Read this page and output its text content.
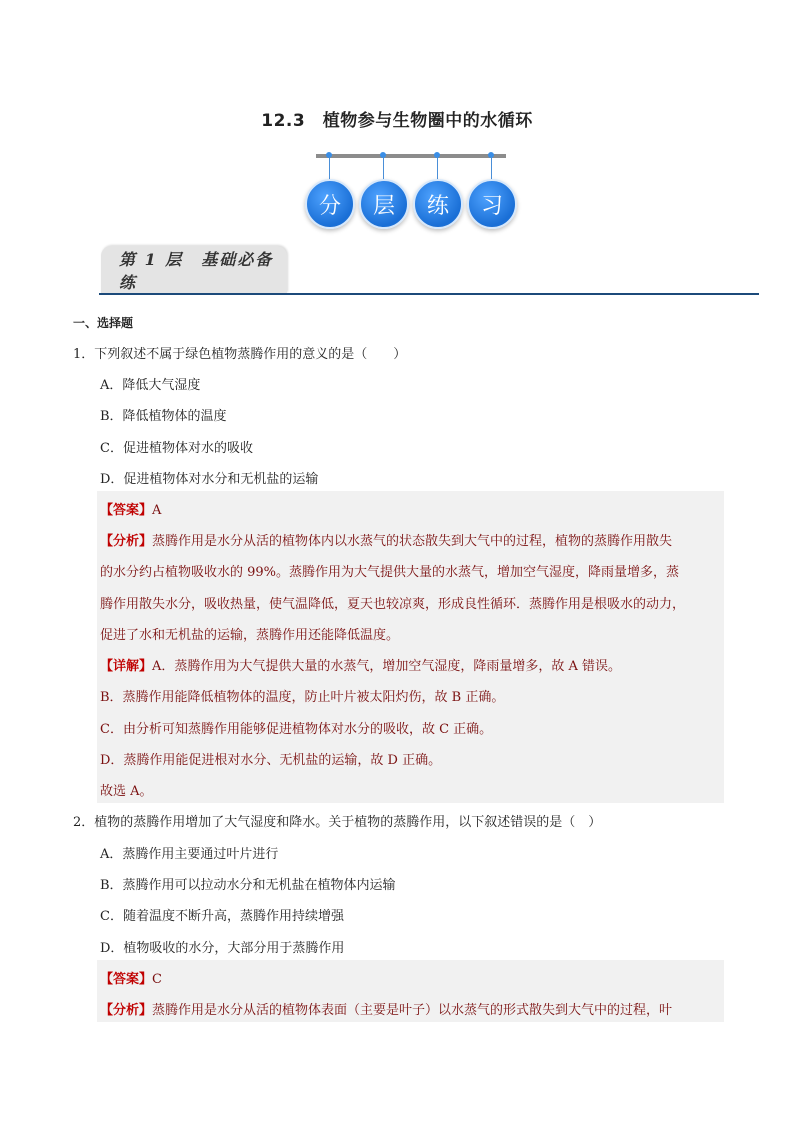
12.3　植物参与生物圈中的水循环
分	层	练	习
第 1 层　基础必备练
一、选择题
1．下列叙述不属于绿色植物蒸腾作用的意义的是（　　）
A．降低大气湿度
B．降低植物体的温度
C．促进植物体对水的吸收
D．促进植物体对水分和无机盐的运输
【答案】A
【分析】蒸腾作用是水分从活的植物体内以水蒸气的状态散失到大气中的过程，植物的蒸腾作用散失
的水分约占植物吸收水的 99%。蒸腾作用为大气提供大量的水蒸气，增加空气湿度，降雨量增多，蒸
腾作用散失水分，吸收热量，使气温降低，夏天也较凉爽，形成良性循环．蒸腾作用是根吸水的动力，
促进了水和无机盐的运输，蒸腾作用还能降低温度。
【详解】A．蒸腾作用为大气提供大量的水蒸气，增加空气湿度，降雨量增多，故 A 错误。
B．蒸腾作用能降低植物体的温度，防止叶片被太阳灼伤，故 B 正确。
C．由分析可知蒸腾作用能够促进植物体对水分的吸收，故 C 正确。
D．蒸腾作用能促进根对水分、无机盐的运输，故 D 正确。
故选 A。
2．植物的蒸腾作用增加了大气湿度和降水。关于植物的蒸腾作用，以下叙述错误的是（　）
A．蒸腾作用主要通过叶片进行
B．蒸腾作用可以拉动水分和无机盐在植物体内运输
C．随着温度不断升高，蒸腾作用持续增强
D．植物吸收的水分，大部分用于蒸腾作用
【答案】C
【分析】蒸腾作用是水分从活的植物体表面（主要是叶子）以水蒸气的形式散失到大气中的过程，叶
